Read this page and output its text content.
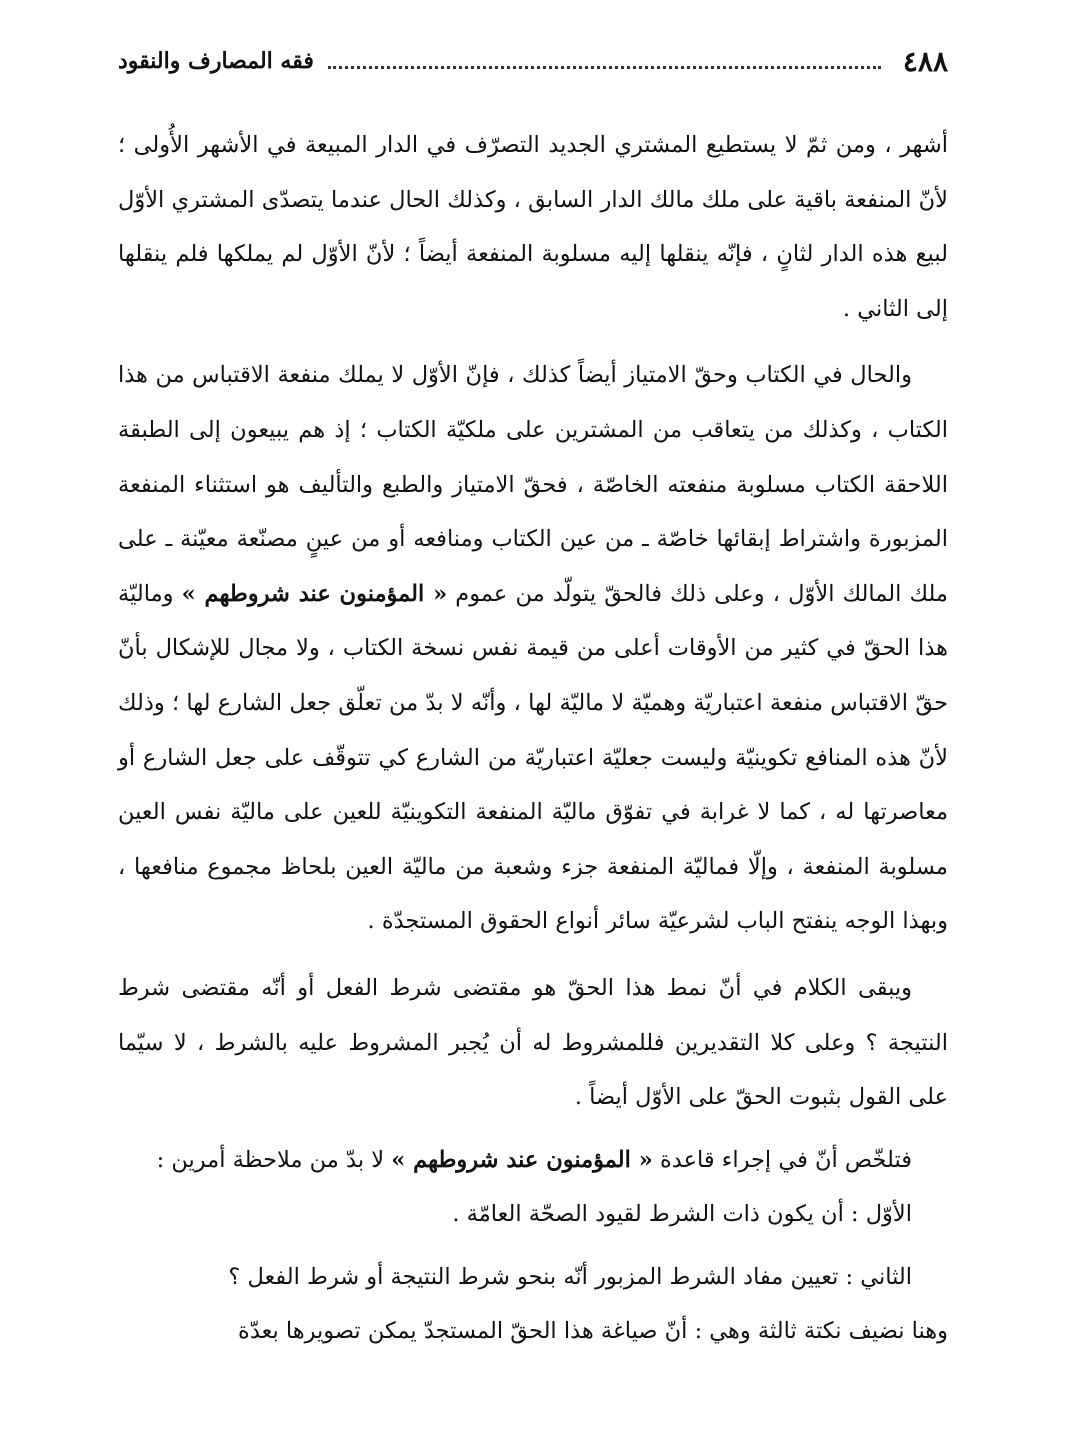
٤٨٨
فقه المصارف والنقود

أشهر ، ومن ثمّ لا يستطيع المشتري الجديد التصرّف في الدار المبيعة في الأشهر الأُولى ؛ لأنّ المنفعة باقية على ملك مالك الدار السابق ، وكذلك الحال عندما يتصدّى المشتري الأوّل لبيع هذه الدار لثانٍ ، فإنّه ينقلها إليه مسلوبة المنفعة أيضاً ؛ لأنّ الأوّل لم يملكها فلم ينقلها إلى الثاني .

والحال في الكتاب وحقّ الامتياز أيضاً كذلك ، فإنّ الأوّل لا يملك منفعة الاقتباس من هذا الكتاب ، وكذلك من يتعاقب من المشترين على ملكيّة الكتاب ؛ إذ هم يبيعون إلى الطبقة اللاحقة الكتاب مسلوبة منفعته الخاصّة ، فحقّ الامتياز والطبع والتأليف هو استثناء المنفعة المزبورة واشتراط إبقائها خاصّة ـ من عين الكتاب ومنافعه أو من عينٍ مصنّعة معيّنة ـ على ملك المالك الأوّل ، وعلى ذلك فالحقّ يتولّد من عموم « المؤمنون عند شروطهم » وماليّة هذا الحقّ في كثير من الأوقات أعلى من قيمة نفس نسخة الكتاب ، ولا مجال للإشكال بأنّ حقّ الاقتباس منفعة اعتباريّة وهميّة لا ماليّة لها ، وأنّه لا بدّ من تعلّق جعل الشارع لها ؛ وذلك لأنّ هذه المنافع تكوينيّة وليست جعليّة اعتباريّة من الشارع كي تتوقّف على جعل الشارع أو معاصرتها له ، كما لا غرابة في تفوّق ماليّة المنفعة التكوينيّة للعين على ماليّة نفس العين مسلوبة المنفعة ، وإلّا فماليّة المنفعة جزء وشعبة من ماليّة العين بلحاظ مجموع منافعها ، وبهذا الوجه ينفتح الباب لشرعيّة سائر أنواع الحقوق المستجدّة .

ويبقى الكلام في أنّ نمط هذا الحقّ هو مقتضى شرط الفعل أو أنّه مقتضى شرط النتيجة ؟ وعلى كلا التقديرين فللمشروط له أن يُجبر المشروط عليه بالشرط ، لا سيّما على القول بثبوت الحقّ على الأوّل أيضاً .

فتلخّص أنّ في إجراء قاعدة « المؤمنون عند شروطهم » لا بدّ من ملاحظة أمرين :

الأوّل : أن يكون ذات الشرط لقيود الصحّة العامّة .

الثاني : تعيين مفاد الشرط المزبور أنّه بنحو شرط النتيجة أو شرط الفعل ؟

وهنا نضيف نكتة ثالثة وهي : أنّ صياغة هذا الحقّ المستجدّ يمكن تصويرها بعدّة
